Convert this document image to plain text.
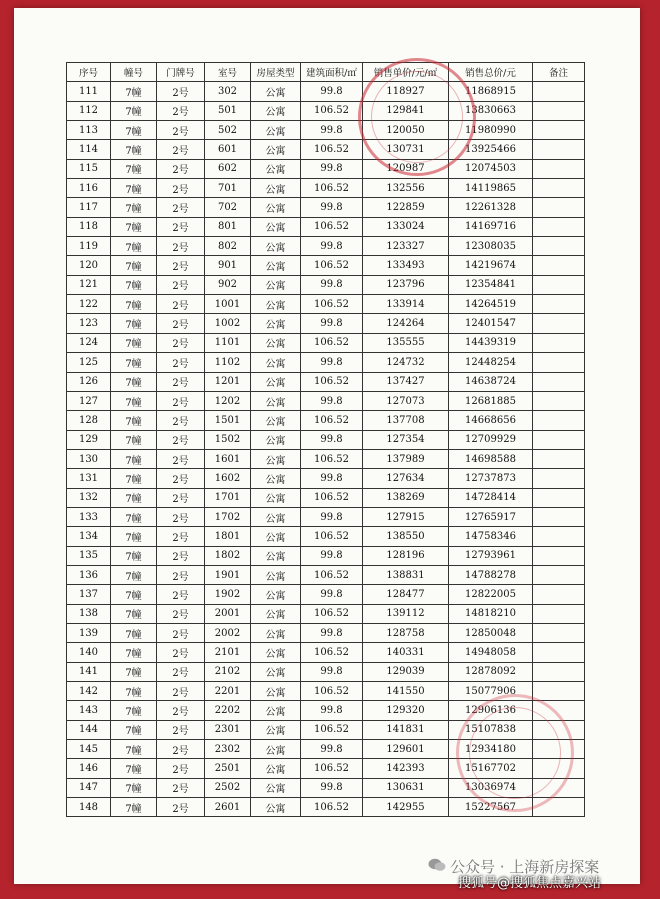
序号	幢号	门牌号	室号	房屋类型	建筑面积/㎡	销售单价/元/㎡	销售总价/元	备注
111	7幢	2号	302	公寓	99.8	118927	11868915	
112	7幢	2号	501	公寓	106.52	129841	13830663	
113	7幢	2号	502	公寓	99.8	120050	11980990	
114	7幢	2号	601	公寓	106.52	130731	13925466	
115	7幢	2号	602	公寓	99.8	120987	12074503	
116	7幢	2号	701	公寓	106.52	132556	14119865	
117	7幢	2号	702	公寓	99.8	122859	12261328	
118	7幢	2号	801	公寓	106.52	133024	14169716	
119	7幢	2号	802	公寓	99.8	123327	12308035	
120	7幢	2号	901	公寓	106.52	133493	14219674	
121	7幢	2号	902	公寓	99.8	123796	12354841	
122	7幢	2号	1001	公寓	106.52	133914	14264519	
123	7幢	2号	1002	公寓	99.8	124264	12401547	
124	7幢	2号	1101	公寓	106.52	135555	14439319	
125	7幢	2号	1102	公寓	99.8	124732	12448254	
126	7幢	2号	1201	公寓	106.52	137427	14638724	
127	7幢	2号	1202	公寓	99.8	127073	12681885	
128	7幢	2号	1501	公寓	106.52	137708	14668656	
129	7幢	2号	1502	公寓	99.8	127354	12709929	
130	7幢	2号	1601	公寓	106.52	137989	14698588	
131	7幢	2号	1602	公寓	99.8	127634	12737873	
132	7幢	2号	1701	公寓	106.52	138269	14728414	
133	7幢	2号	1702	公寓	99.8	127915	12765917	
134	7幢	2号	1801	公寓	106.52	138550	14758346	
135	7幢	2号	1802	公寓	99.8	128196	12793961	
136	7幢	2号	1901	公寓	106.52	138831	14788278	
137	7幢	2号	1902	公寓	99.8	128477	12822005	
138	7幢	2号	2001	公寓	106.52	139112	14818210	
139	7幢	2号	2002	公寓	99.8	128758	12850048	
140	7幢	2号	2101	公寓	106.52	140331	14948058	
141	7幢	2号	2102	公寓	99.8	129039	12878092	
142	7幢	2号	2201	公寓	106.52	141550	15077906	
143	7幢	2号	2202	公寓	99.8	129320	12906136	
144	7幢	2号	2301	公寓	106.52	141831	15107838	
145	7幢	2号	2302	公寓	99.8	129601	12934180	
146	7幢	2号	2501	公寓	106.52	142393	15167702	
147	7幢	2号	2502	公寓	99.8	130631	13036974	
148	7幢	2号	2601	公寓	106.52	142955	15227567	
公众号 · 上海新房探案
搜狐号@搜狐焦点嘉兴站
